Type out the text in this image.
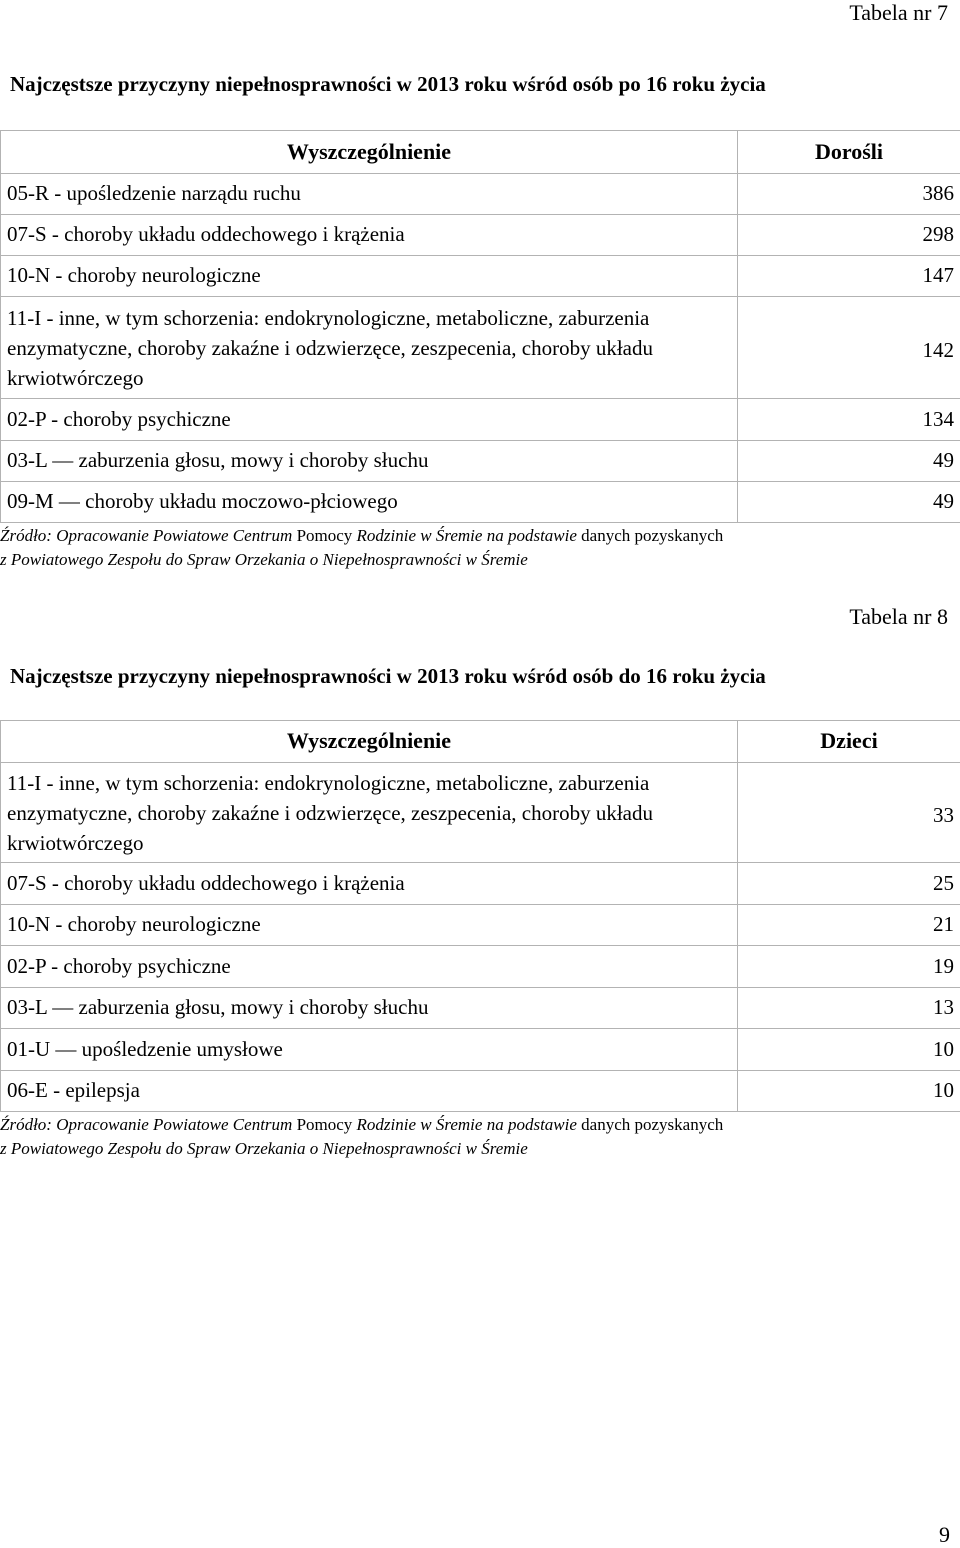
Tabela nr 7
Najczęstsze przyczyny niepełnosprawności w 2013 roku wśród osób po 16 roku życia
Wyszczególnienie	Dorośli
05-R - upośledzenie narządu ruchu	386
07-S - choroby układu oddechowego i krążenia	298
10-N - choroby neurologiczne	147
11-I - inne, w tym schorzenia: endokrynologiczne, metaboliczne, zaburzenia enzymatyczne, choroby zakaźne i odzwierzęce, zeszpecenia, choroby układu krwiotwórczego	142
02-P - choroby psychiczne	134
03-L — zaburzenia głosu, mowy i choroby słuchu	49
09-M — choroby układu moczowo-płciowego	49
Źródło: Opracowanie Powiatowe Centrum Pomocy Rodzinie w Śremie na podstawie danych pozyskanych
z Powiatowego Zespołu do Spraw Orzekania o Niepełnosprawności w Śremie
Tabela nr 8
Najczęstsze przyczyny niepełnosprawności w 2013 roku wśród osób do 16 roku życia
Wyszczególnienie	Dzieci
11-I - inne, w tym schorzenia: endokrynologiczne, metaboliczne, zaburzenia enzymatyczne, choroby zakaźne i odzwierzęce, zeszpecenia, choroby układu krwiotwórczego	33
07-S - choroby układu oddechowego i krążenia	25
10-N - choroby neurologiczne	21
02-P - choroby psychiczne	19
03-L — zaburzenia głosu, mowy i choroby słuchu	13
01-U — upośledzenie umysłowe	10
06-E - epilepsja	10
Źródło: Opracowanie Powiatowe Centrum Pomocy Rodzinie w Śremie na podstawie danych pozyskanych
z Powiatowego Zespołu do Spraw Orzekania o Niepełnosprawności w Śremie
9
